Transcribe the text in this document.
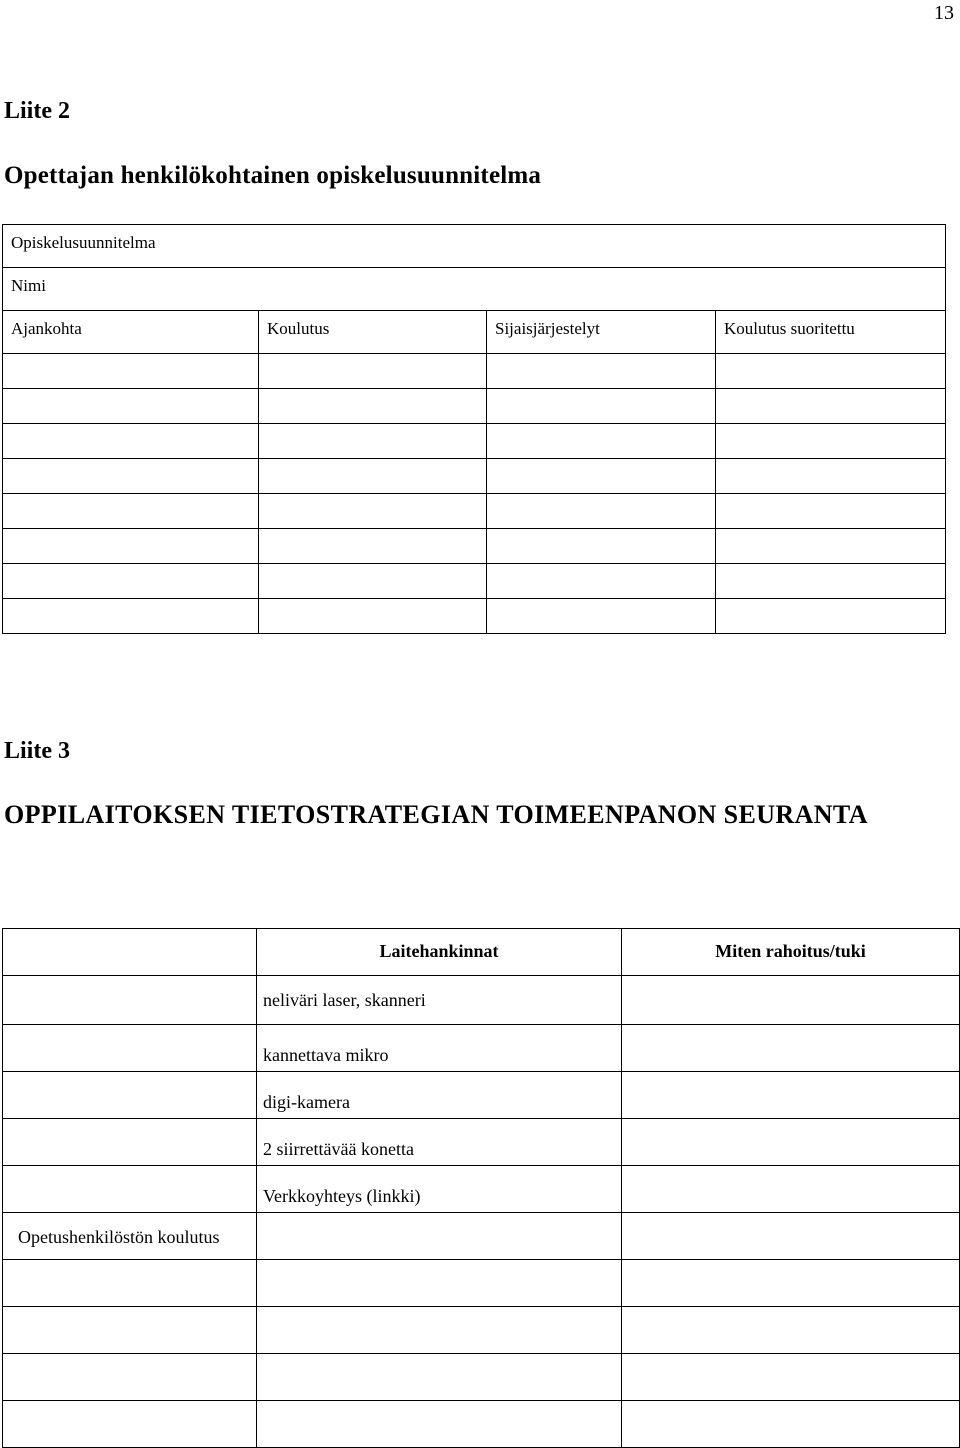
13
Liite 2
Opettajan henkilökohtainen opiskelusuunnitelma
Opiskelusuunnitelma			
Nimi			
Ajankohta	Koulutus	Sijaisjärjestelyt	Koulutus suoritettu

Liite 3
OPPILAITOKSEN TIETOSTRATEGIAN TOIMEENPANON SEURANTA
	Laitehankinnat	Miten rahoitus/tuki
	neliväri laser, skanneri	
	kannettava mikro	
	digi-kamera	
	2 siirrettävää konetta	
	Verkkoyhteys (linkki)	
Opetushenkilöstön koulutus		
